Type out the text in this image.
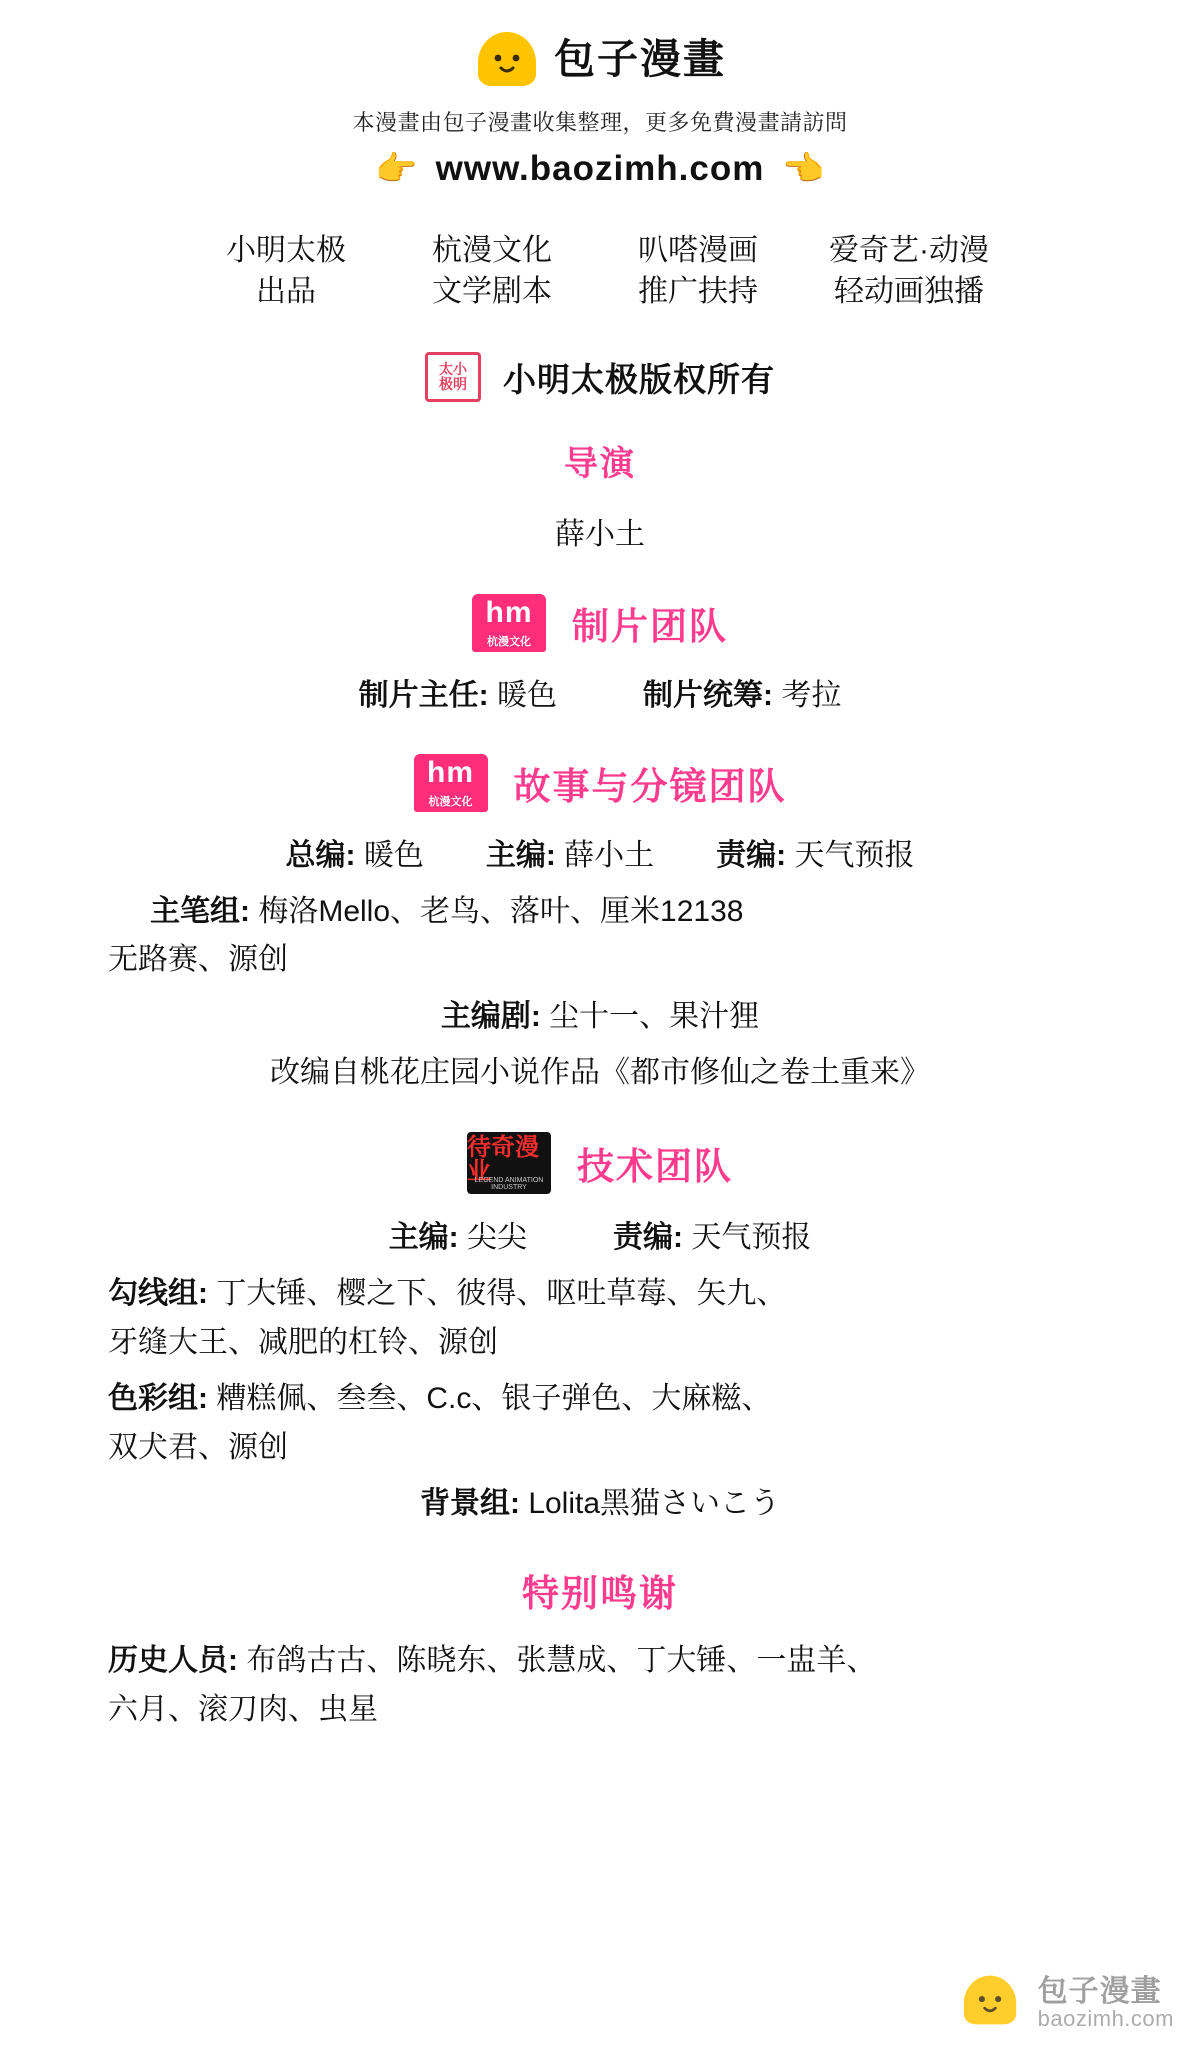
包子漫畫
本漫畫由包子漫畫收集整理，更多免費漫畫請訪問
👉 www.baozimh.com 👈
小明太极
出品
杭漫文化
文学剧本
叭嗒漫画
推广扶持
爱奇艺·动漫
轻动画独播
太小
极明 小明太极版权所有
导演
薛小土
hm
杭漫文化	制片团队
制片主任: 暖色	制片统筹: 考拉
hm
杭漫文化	故事与分镜团队
总编: 暖色 主编: 薛小土 责编: 天气预报
主笔组: 梅洛Mello、老鸟、落叶、厘米12138
无路赛、源创
主编剧: 尘十一、果汁狸
改编自桃花庄园小说作品《都市修仙之卷土重来》
待奇漫业
LEGEND ANIMATION INDUSTRY
技术团队
主编: 尖尖	责编: 天气预报
勾线组: 丁大锤、樱之下、彼得、呕吐草莓、矢九、
牙缝大王、减肥的杠铃、源创
色彩组: 糟糕佩、叁叁、C.c、银子弹色、大麻糍、
双犬君、源创
背景组: Lolita黑猫さいこう
特别鸣谢
历史人员: 布鸽古古、陈晓东、张慧成、丁大锤、一盅羊、
六月、滚刀肉、虫星
包子漫畫
baozimh.com
